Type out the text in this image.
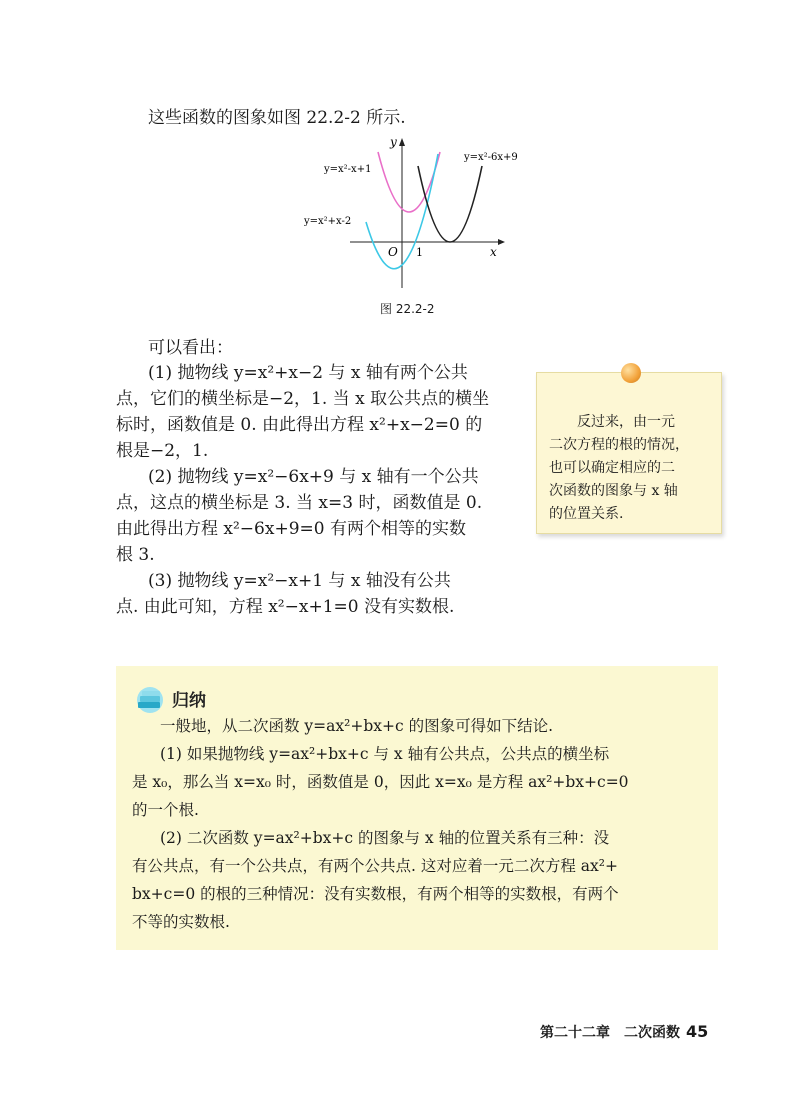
这些函数的图象如图 22.2-2 所示.

x
y
O 1
y=x²-x+1
y=x²+x-2
y=x²-6x+9
图 22.2-2

可以看出：

(1) 抛物线 y=x²+x−2 与 x 轴有两个公共
点，它们的横坐标是−2，1. 当 x 取公共点的横坐
标时，函数值是 0. 由此得出方程 x²+x−2=0 的
根是−2，1.
(2) 抛物线 y=x²−6x+9 与 x 轴有一个公共
点，这点的横坐标是 3. 当 x=3 时，函数值是 0.
由此得出方程 x²−6x+9=0 有两个相等的实数
根 3.
(3) 抛物线 y=x²−x+1 与 x 轴没有公共
点. 由此可知，方程 x²−x+1=0 没有实数根.
反过来，由一元
二次方程的根的情况，
也可以确定相应的二
次函数的图象与 x 轴
的位置关系.
归纳
一般地，从二次函数 y=ax²+bx+c 的图象可得如下结论.
(1) 如果抛物线 y=ax²+bx+c 与 x 轴有公共点，公共点的横坐标
是 x₀，那么当 x=x₀ 时，函数值是 0，因此 x=x₀ 是方程 ax²+bx+c=0
的一个根.
(2) 二次函数 y=ax²+bx+c 的图象与 x 轴的位置关系有三种：没
有公共点，有一个公共点，有两个公共点. 这对应着一元二次方程 ax²+
bx+c=0 的根的三种情况：没有实数根，有两个相等的实数根，有两个
不等的实数根.
第二十二章　二次函数 45
